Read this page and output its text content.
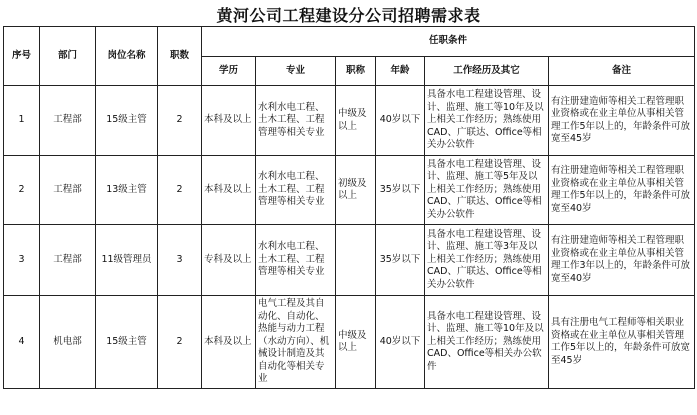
黄河公司工程建设分公司招聘需求表
序号	部门	岗位名称	职数	任职条件					
				学历	专业	职称	年龄	工作经历及其它	备注
1	工程部	15级主管	2	本科及以上	水利水电工程、土木工程、工程管理等相关专业	中级及以上	40岁以下	具备水电工程建设管理、设计、监理、施工等10年及以上相关工作经历；熟练使用CAD、广联达、Office等相关办公软件	有注册建造师等相关工程管理职业资格或在业主单位从事相关管理工作5年以上的，年龄条件可放宽至45岁
2	工程部	13级主管	2	本科及以上	水利水电工程、土木工程、工程管理等相关专业	初级及以上	35岁以下	具备水电工程建设管理、设计、监理、施工等5年及以上相关工作经历；熟练使用CAD、广联达、Office等相关办公软件	有注册建造师等相关工程管理职业资格或在业主单位从事相关管理工作5年以上的，年龄条件可放宽至40岁
3	工程部	11级管理员	3	专科及以上	水利水电工程、土木工程、工程管理等相关专业		35岁以下	具备水电工程建设管理、设计、监理、施工等3年及以上相关工作经历；熟练使用CAD、广联达、Office等相关办公软件	有注册建造师等相关工程管理职业资格或在业主单位从事相关管理工作3年以上的，年龄条件可放宽至40岁
4	机电部	15级主管	2	本科及以上	电气工程及其自动化、自动化、热能与动力工程（水动方向）、机械设计制造及其自动化等相关专业	中级及以上	40岁以下	具备水电工程建设管理、设计、监理、施工等10年及以上相关工作经历；熟练使用CAD、Office等相关办公软件	具有注册电气工程师等相关职业资格或在业主单位从事相关管理工作5年以上的，年龄条件可放宽至45岁
